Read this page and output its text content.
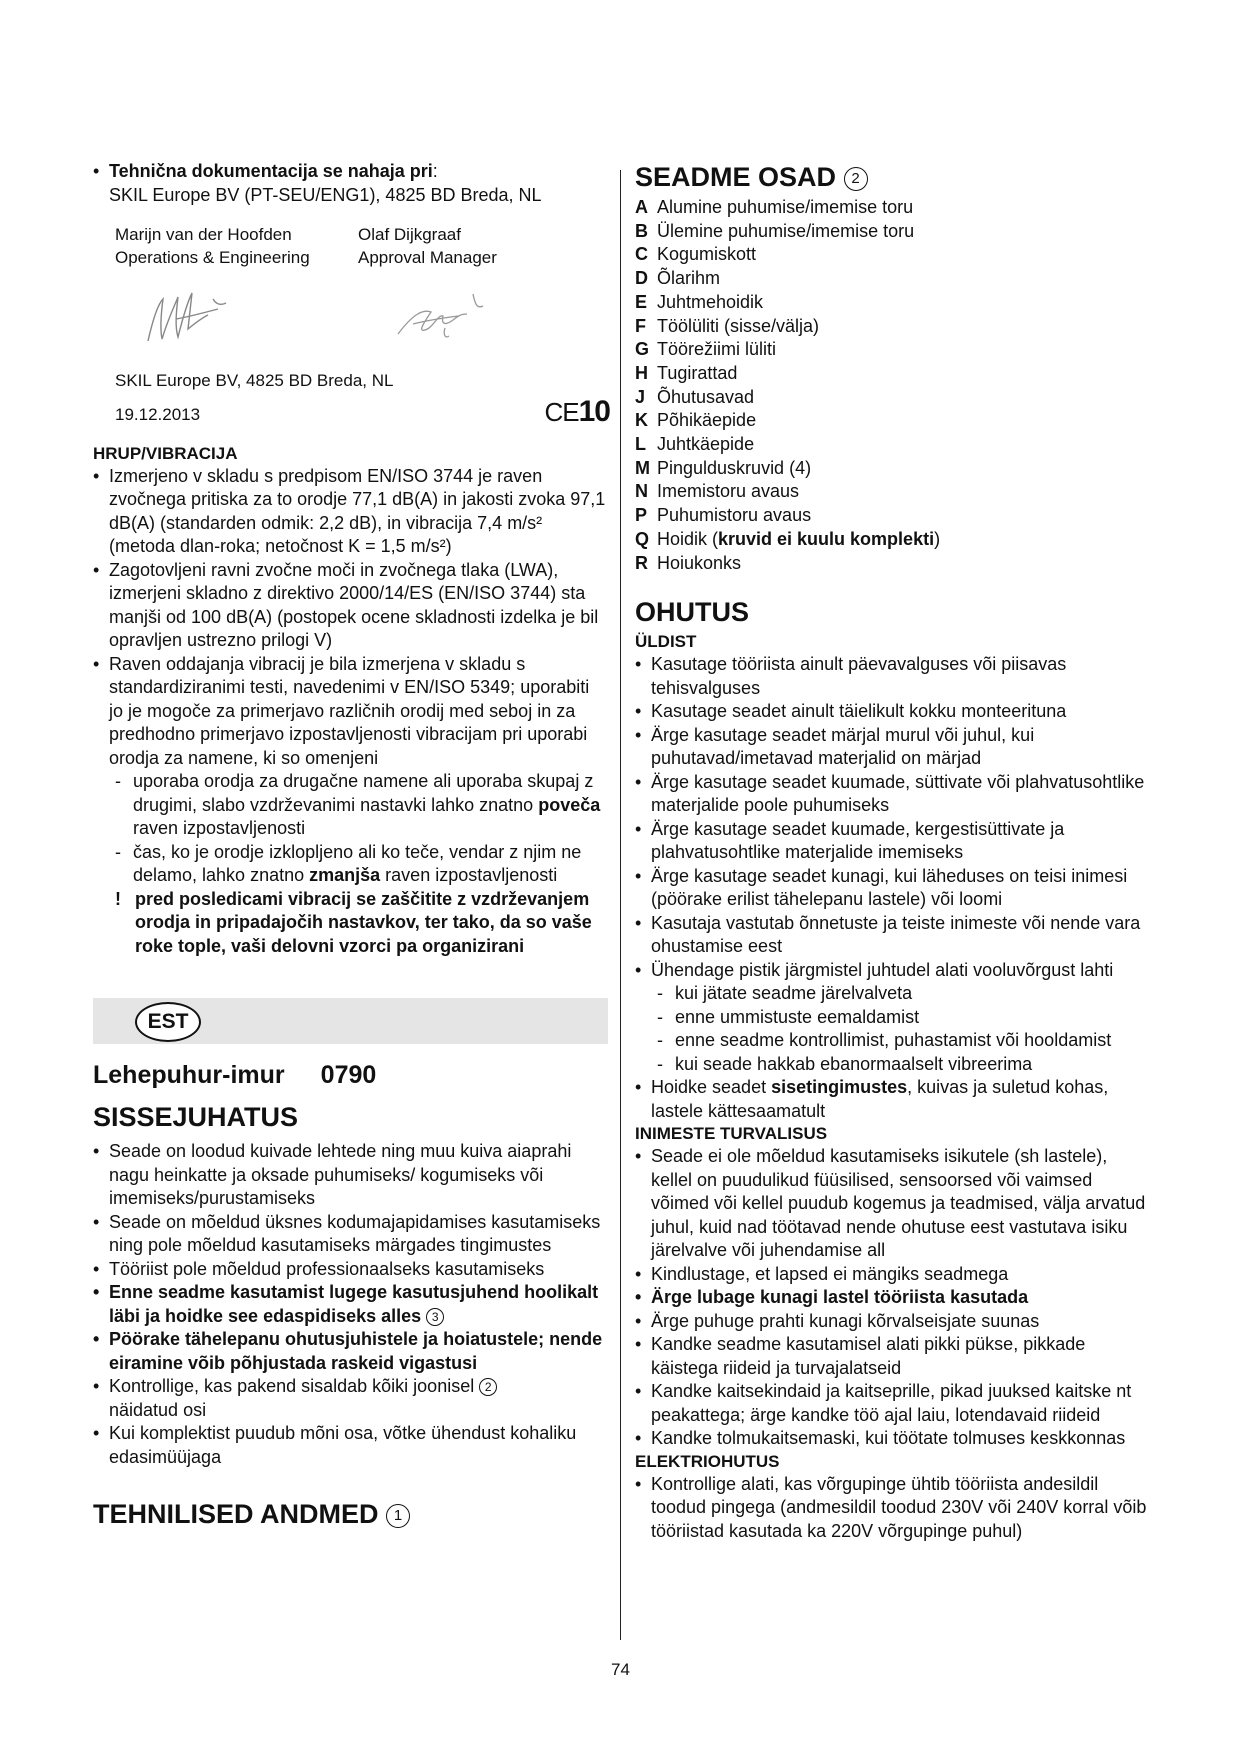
• Tehnična dokumentacija se nahaja pri:
SKIL Europe BV (PT-SEU/ENG1), 4825 BD Breda, NL
Marijn van der Hoofden	Olaf Dijkgraaf
Operations & Engineering	Approval Manager
SKIL Europe BV, 4825 BD Breda, NL
19.12.2013	CE10
HRUP/VIBRACIJA
• Izmerjeno v skladu s predpisom EN/ISO 3744 je raven zvočnega pritiska za to orodje 77,1 dB(A) in jakosti zvoka 97,1 dB(A) (standarden odmik: 2,2 dB), in vibracija 7,4 m/s² (metoda dlan-roka; netočnost K = 1,5 m/s²)
• Zagotovljeni ravni zvočne moči in zvočnega tlaka (LWA), izmerjeni skladno z direktivo 2000/14/ES (EN/ISO 3744) sta manjši od 100 dB(A) (postopek ocene skladnosti izdelka je bil opravljen ustrezno prilogi V)
• Raven oddajanja vibracij je bila izmerjena v skladu s standardiziranimi testi, navedenimi v EN/ISO 5349; uporabiti jo je mogoče za primerjavo različnih orodij med seboj in za predhodno primerjavo izpostavljenosti vibracijam pri uporabi orodja za namene, ki so omenjeni
- uporaba orodja za drugačne namene ali uporaba skupaj z drugimi, slabo vzdrževanimi nastavki lahko znatno poveča raven izpostavljenosti
- čas, ko je orodje izklopljeno ali ko teče, vendar z njim ne delamo, lahko znatno zmanjša raven izpostavljenosti
! pred posledicami vibracij se zaščitite z vzdrževanjem orodja in pripadajočih nastavkov, ter tako, da so vaše roke tople, vaši delovni vzorci pa organizirani
EST
Lehepuhur-imur 0790
SISSEJUHATUS
• Seade on loodud kuivade lehtede ning muu kuiva aiaprahi nagu heinkatte ja oksade puhumiseks/ kogumiseks või imemiseks/purustamiseks
• Seade on mõeldud üksnes kodumajapidamises kasutamiseks ning pole mõeldud kasutamiseks märgades tingimustes
• Tööriist pole mõeldud professionaalseks kasutamiseks
• Enne seadme kasutamist lugege kasutusjuhend hoolikalt läbi ja hoidke see edaspidiseks alles 3
• Pöörake tähelepanu ohutusjuhistele ja hoiatustele; nende eiramine võib põhjustada raskeid vigastusi
• Kontrollige, kas pakend sisaldab kõiki joonisel 2
näidatud osi
• Kui komplektist puudub mõni osa, võtke ühendust kohaliku edasimüüjaga
TEHNILISED ANDMED 1
SEADME OSAD 2
A Alumine puhumise/imemise toru
B Ülemine puhumise/imemise toru
C Kogumiskott
D Õlarihm
E Juhtmehoidik
F Töölüliti (sisse/välja)
G Töörežiimi lüliti
H Tugirattad
J Õhutusavad
K Põhikäepide
L Juhtkäepide
M Pingulduskruvid (4)
N Imemistoru avaus
P Puhumistoru avaus
Q Hoidik (kruvid ei kuulu komplekti)
R Hoiukonks
OHUTUS
ÜLDIST
• Kasutage tööriista ainult päevavalguses või piisavas tehisvalguses
• Kasutage seadet ainult täielikult kokku monteerituna
• Ärge kasutage seadet märjal murul või juhul, kui puhutavad/imetavad materjalid on märjad
• Ärge kasutage seadet kuumade, süttivate või plahvatusohtlike materjalide poole puhumiseks
• Ärge kasutage seadet kuumade, kergestisüttivate ja plahvatusohtlike materjalide imemiseks
• Ärge kasutage seadet kunagi, kui läheduses on teisi inimesi (pöörake erilist tähelepanu lastele) või loomi
• Kasutaja vastutab õnnetuste ja teiste inimeste või nende vara ohustamise eest
• Ühendage pistik järgmistel juhtudel alati vooluvõrgust lahti
- kui jätate seadme järelvalveta
- enne ummistuste eemaldamist
- enne seadme kontrollimist, puhastamist või hooldamist
- kui seade hakkab ebanormaalselt vibreerima
• Hoidke seadet sisetingimustes, kuivas ja suletud kohas, lastele kättesaamatult
INIMESTE TURVALISUS
• Seade ei ole mõeldud kasutamiseks isikutele (sh lastele), kellel on puudulikud füüsilised, sensoorsed või vaimsed võimed või kellel puudub kogemus ja teadmised, välja arvatud juhul, kuid nad töötavad nende ohutuse eest vastutava isiku järelvalve või juhendamise all
• Kindlustage, et lapsed ei mängiks seadmega
• Ärge lubage kunagi lastel tööriista kasutada
• Ärge puhuge prahti kunagi kõrvalseisjate suunas
• Kandke seadme kasutamisel alati pikki pükse, pikkade käistega riideid ja turvajalatseid
• Kandke kaitsekindaid ja kaitseprille, pikad juuksed kaitske nt peakattega; ärge kandke töö ajal laiu, lotendavaid riideid
• Kandke tolmukaitsemaski, kui töötate tolmuses keskkonnas
ELEKTRIOHUTUS
• Kontrollige alati, kas võrgupinge ühtib tööriista andesildil toodud pingega (andmesildil toodud 230V või 240V korral võib tööriistad kasutada ka 220V võrgupinge puhul)
74
